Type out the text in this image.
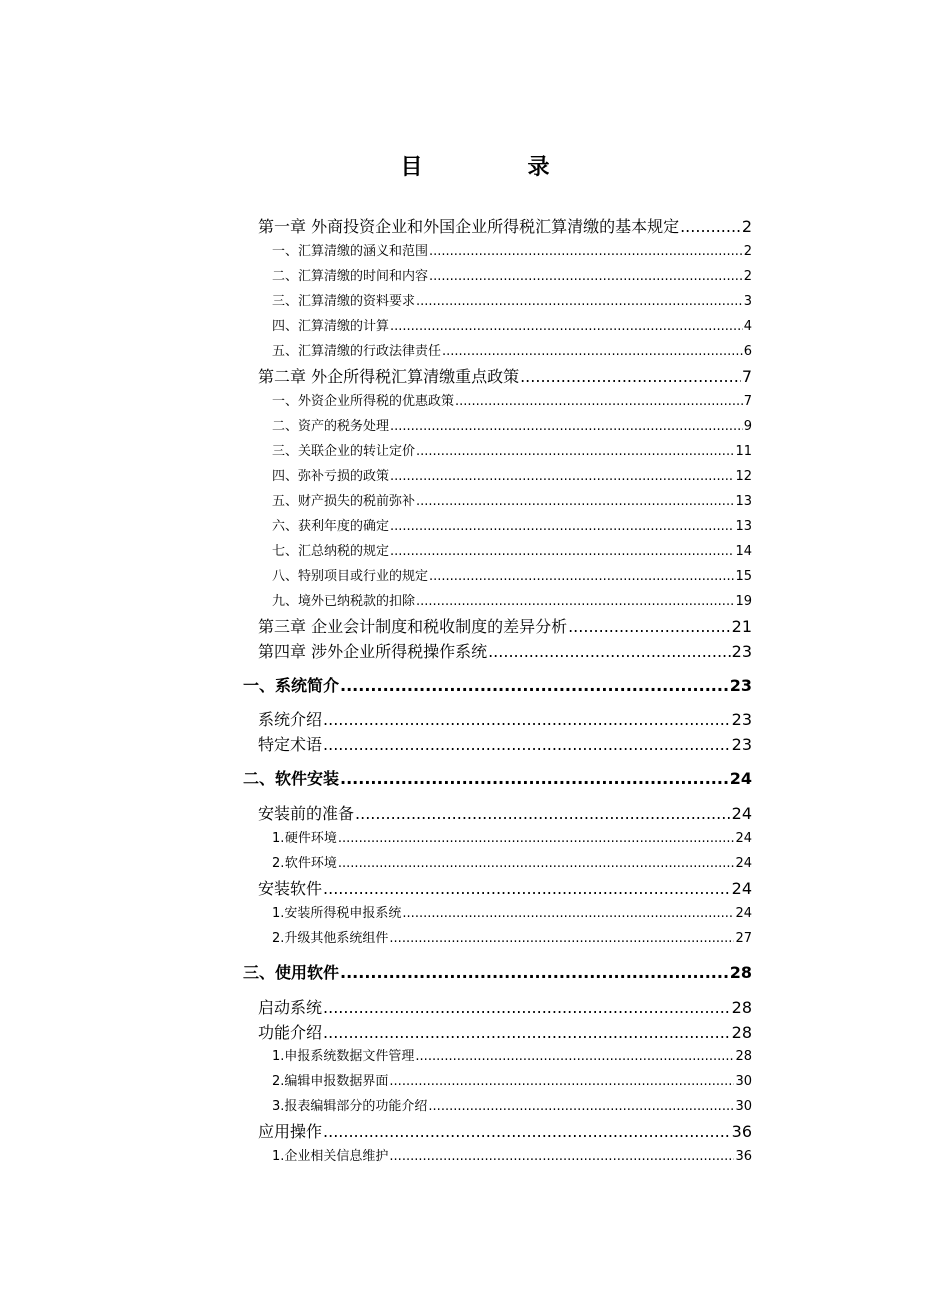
目	录
第一章 外商投资企业和外国企业所得税汇算清缴的基本规定 .....	2
一、汇算清缴的涵义和范围 .....	2
二、汇算清缴的时间和内容 .....	2
三、汇算清缴的资料要求 .....	3
四、汇算清缴的计算 .....	4
五、汇算清缴的行政法律责任 .....	6
第二章 外企所得税汇算清缴重点政策 .....	7
一、外资企业所得税的优惠政策 .....	7
二、资产的税务处理 .....	9
三、关联企业的转让定价 .....	11
四、弥补亏损的政策 .....	12
五、财产损失的税前弥补 .....	13
六、获利年度的确定 .....	13
七、汇总纳税的规定 .....	14
八、特别项目或行业的规定 .....	15
九、境外已纳税款的扣除 .....	19
第三章 企业会计制度和税收制度的差异分析 .....	21
第四章 涉外企业所得税操作系统 .....	23
一、系统简介 .....	23
系统介绍 .....	23
特定术语 .....	23
二、软件安装 .....	24
安装前的准备 .....	24
1. 硬件环境 .....	24
2. 软件环境 .....	24
安装软件 .....	24
1. 安装所得税申报系统 .....	24
2. 升级其他系统组件 .....	27
三、使用软件 .....	28
启动系统 .....	28
功能介绍 .....	28
1. 申报系统数据文件管理 .....	28
2. 编辑申报数据界面 .....	30
3. 报表编辑部分的功能介绍 .....	30
应用操作 .....	36
1. 企业相关信息维护 .....	36
